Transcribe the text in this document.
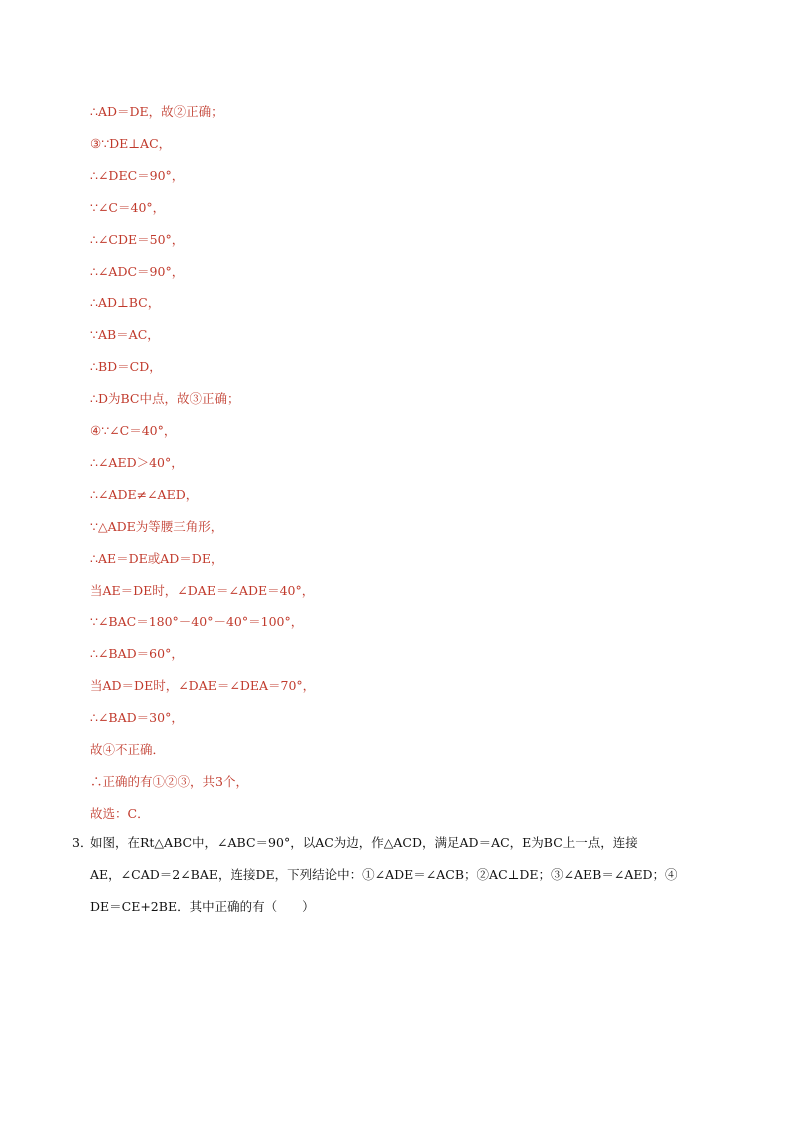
∴AD＝DE，故②正确；
③∵DE⊥AC，
∴∠DEC＝90°，
∵∠C＝40°，
∴∠CDE＝50°，
∴∠ADC＝90°，
∴AD⊥BC，
∵AB＝AC，
∴BD＝CD，
∴D为BC中点，故③正确；
④∵∠C＝40°，
∴∠AED＞40°，
∴∠ADE≠∠AED，
∵△ADE为等腰三角形，
∴AE＝DE或AD＝DE，
当AE＝DE时，∠DAE＝∠ADE＝40°，
∵∠BAC＝180°－40°－40°＝100°，
∴∠BAD＝60°，
当AD＝DE时，∠DAE＝∠DEA＝70°，
∴∠BAD＝30°，
故④不正确．
∴正确的有①②③，共3个，
故选：C．
3．
如图，在Rt△ABC中，∠ABC＝90°，以AC为边，作△ACD，满足AD＝AC，E为BC上一点，连接
AE，∠CAD＝2∠BAE，连接DE，下列结论中：①∠ADE＝∠ACB；②AC⊥DE；③∠AEB＝∠AED；④
DE＝CE+2BE．其中正确的有（　　）
